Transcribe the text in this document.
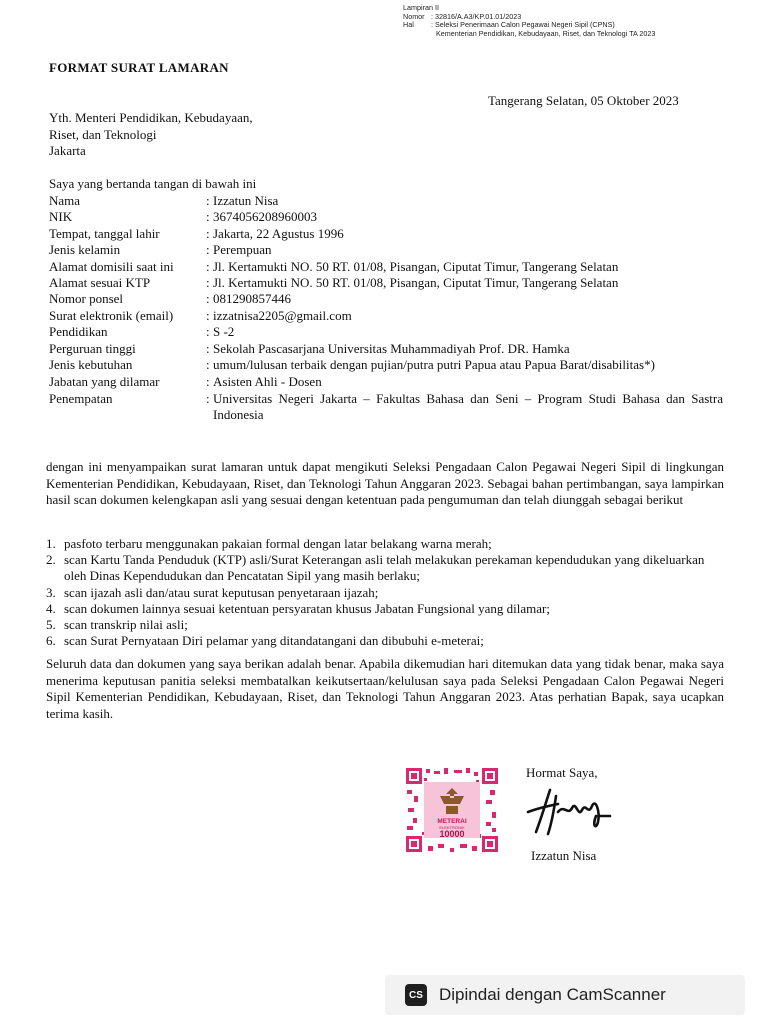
Lampiran II
Nomor : 32816/A.A3/KP.01.01/2023
Hal	: Seleksi Penerimaan Calon Pegawai Negeri Sipil (CPNS)
Kementerian Pendidikan, Kebudayaan, Riset, dan Teknologi TA 2023
FORMAT SURAT LAMARAN
Tangerang Selatan, 05 Oktober 2023
Yth. Menteri Pendidikan, Kebudayaan,
Riset, dan Teknologi
Jakarta
Saya yang bertanda tangan di bawah ini
Nama	: Izzatun Nisa
NIK	: 3674056208960003
Tempat, tanggal lahir	: Jakarta, 22 Agustus 1996
Jenis kelamin	: Perempuan
Alamat domisili saat ini	: Jl. Kertamukti NO. 50 RT. 01/08, Pisangan, Ciputat Timur, Tangerang Selatan
Alamat sesuai KTP	: Jl. Kertamukti NO. 50 RT. 01/08, Pisangan, Ciputat Timur, Tangerang Selatan
Nomor ponsel	: 081290857446
Surat elektronik (email)	: izzatnisa2205@gmail.com
Pendidikan	: S -2
Perguruan tinggi	: Sekolah Pascasarjana Universitas Muhammadiyah Prof. DR. Hamka
Jenis kebutuhan	: umum/lulusan terbaik dengan pujian/putra putri Papua atau Papua Barat/disabilitas*)
Jabatan yang dilamar	: Asisten Ahli - Dosen
Penempatan	: Universitas Negeri Jakarta – Fakultas Bahasa dan Seni – Program Studi Bahasa dan Sastra Indonesia
dengan ini menyampaikan surat lamaran untuk dapat mengikuti Seleksi Pengadaan Calon Pegawai Negeri Sipil di lingkungan Kementerian Pendidikan, Kebudayaan, Riset, dan Teknologi Tahun Anggaran 2023. Sebagai bahan pertimbangan, saya lampirkan hasil scan dokumen kelengkapan asli yang sesuai dengan ketentuan pada pengumuman dan telah diunggah sebagai berikut
1. pasfoto terbaru menggunakan pakaian formal dengan latar belakang warna merah;
2. scan Kartu Tanda Penduduk (KTP) asli/Surat Keterangan asli telah melakukan perekaman kependudukan yang dikeluarkan oleh Dinas Kependudukan dan Pencatatan Sipil yang masih berlaku;
3. scan ijazah asli dan/atau surat keputusan penyetaraan ijazah;
4. scan dokumen lainnya sesuai ketentuan persyaratan khusus Jabatan Fungsional yang dilamar;
5. scan transkrip nilai asli;
6. scan Surat Pernyataan Diri pelamar yang ditandatangani dan dibubuhi e-meterai;
Seluruh data dan dokumen yang saya berikan adalah benar. Apabila dikemudian hari ditemukan data yang tidak benar, maka saya menerima keputusan panitia seleksi membatalkan keikutsertaan/kelulusan saya pada Seleksi Pengadaan Calon Pegawai Negeri Sipil Kementerian Pendidikan, Kebudayaan, Riset, dan Teknologi Tahun Anggaran 2023. Atas perhatian Bapak, saya ucapkan terima kasih.
METERAI
ELEKTRONIK
10000
Hormat Saya,
Izzatun Nisa
CS Dipindai dengan CamScanner
